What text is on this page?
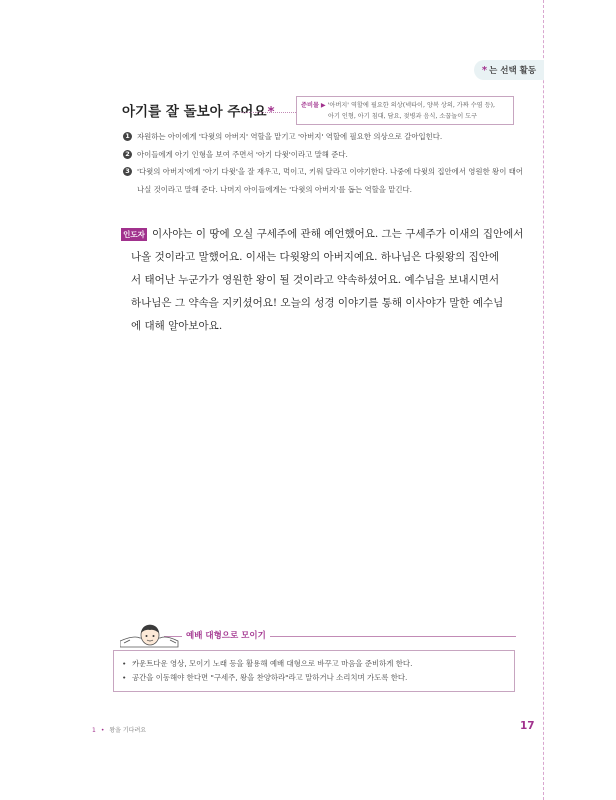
* 는 선택 활동
아기를 잘 돌보아 주어요*	준비물 ▶ '아버지' 역할에 필요한 의상(넥타이, 양복 상의, 가짜 수염 등),
아기 인형, 아기 침대, 담요, 젖병과 음식, 소꿉놀이 도구
1 자원하는 아이에게 '다윗의 아버지' 역할을 맡기고 '아버지' 역할에 필요한 의상으로 갈아입힌다.
2 아이들에게 아기 인형을 보여 주면서 '아기 다윗'이라고 말해 준다.
3 '다윗의 아버지'에게 '아기 다윗'을 잘 재우고, 먹이고, 키워 달라고 이야기한다. 나중에 다윗의 집안에서 영원한 왕이 태어나실 것이라고 말해 준다. 나머지 아이들에게는 '다윗의 아버지'를 돕는 역할을 맡긴다.
인도자 이사야는 이 땅에 오실 구세주에 관해 예언했어요. 그는 구세주가 이새의 집안에서
나올 것이라고 말했어요. 이새는 다윗왕의 아버지예요. 하나님은 다윗왕의 집안에
서 태어난 누군가가 영원한 왕이 될 것이라고 약속하셨어요. 예수님을 보내시면서
하나님은 그 약속을 지키셨어요! 오늘의 성경 이야기를 통해 이사야가 말한 예수님
에 대해 알아보아요.
예배 대형으로 모이기
• 카운트다운 영상, 모이기 노래 등을 활용해 예배 대형으로 바꾸고 마음을 준비하게 한다.
• 공간을 이동해야 한다면 "구세주, 왕을 찬양하라"라고 말하거나 소리치며 가도록 한다.
1 • 왕을 기다려요	17
